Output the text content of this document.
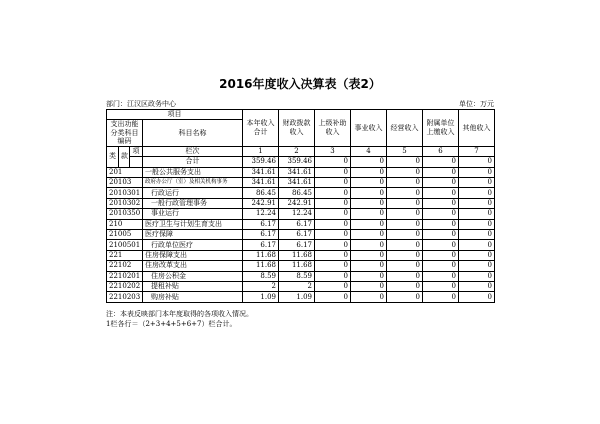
2016年度收入决算表（表2）
部门：江汉区政务中心	单位：万元
项目				本年收入合计	财政拨款收入	上级补助收入	事业收入	经营收入	附属单位上缴收入	其他收入
支出功能分类科目编码			科目名称							

类	款	项	栏次	1	2	3	4	5	6	7
			合计	359.46	359.46	0	0	0	0	0
201			一般公共服务支出	341.61	341.61	0	0	0	0	0
20103			政府办公厅（室）及相关机构事务	341.61	341.61	0	0	0	0	0
2010301			行政运行	86.45	86.45	0	0	0	0	0
2010302			一般行政管理事务	242.91	242.91	0	0	0	0	0
2010350			事业运行	12.24	12.24	0	0	0	0	0
210			医疗卫生与计划生育支出	6.17	6.17	0	0	0	0	0
21005			医疗保障	6.17	6.17	0	0	0	0	0
2100501			行政单位医疗	6.17	6.17	0	0	0	0	0
221			住房保障支出	11.68	11.68	0	0	0	0	0
22102			住房改革支出	11.68	11.68	0	0	0	0	0
2210201			住房公积金	8.59	8.59	0	0	0	0	0
2210202			提租补贴	2	2	0	0	0	0	0
2210203			购房补贴	1.09	1.09	0	0	0	0	0
注：本表反映部门本年度取得的各项收入情况。
1栏各行＝（2+3+4+5+6+7）栏合计。
